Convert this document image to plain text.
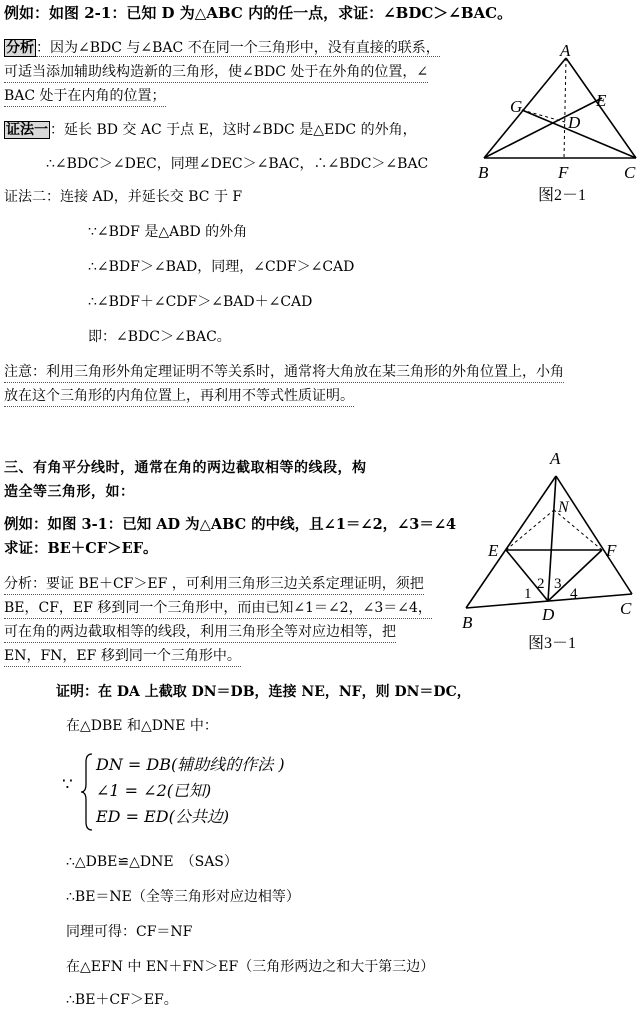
例如：如图 2-1：已知 D 为△ABC 内的任一点，求证：∠BDC＞∠BAC。
分析 ：因为∠BDC 与∠BAC 不在同一个三角形中，没有直接的联系，
可适当添加辅助线构造新的三角形，使∠BDC 处于在外角的位置，∠
BAC 处于在内角的位置；
证法一 ：延长 BD 交 AC 于点 E，这时∠BDC 是△EDC 的外角，
∴∠BDC＞∠DEC，同理∠DEC＞∠BAC，∴∠BDC＞∠BAC
证法二：连接 AD，并延长交 BC 于 F
∵∠BDF 是△ABD 的外角
∴∠BDF＞∠BAD，同理，∠CDF＞∠CAD
∴∠BDF＋∠CDF＞∠BAD＋∠CAD
即：∠BDC＞∠BAC。
注意：利用三角形外角定理证明不等关系时，通常将大角放在某三角形的外角位置上，小角
放在这个三角形的内角位置上，再利用不等式性质证明。
A
B	C
D
E
F
G
图2－1
三、有角平分线时，通常在角的两边截取相等的线段，构
造全等三角形，如：
例如：如图 3-1：已知 AD 为△ABC 的中线，且∠1＝∠2，∠3＝∠4
求证：BE＋CF＞EF。
分析：要证 BE＋CF＞EF ，可利用三角形三边关系定理证明，须把
BE，CF，EF 移到同一个三角形中，而由已知∠1＝∠2，∠3＝∠4，
可在角的两边截取相等的线段，利用三角形全等对应边相等，把
EN，FN，EF 移到同一个三角形中。
证明：在 DA 上截取 DN＝DB，连接 NE，NF，则 DN＝DC，
在△DBE 和△DNE 中：
∵
DN = DB(辅助线的作法 )
∠1 = ∠2(已知)
ED = ED(公共边)
∴△DBE≌△DNE　（SAS）
∴BE＝NE（全等三角形对应边相等）
同理可得：CF＝NF
在△EFN 中 EN＋FN＞EF（三角形两边之和大于第三边）
∴BE＋CF＞EF。
A
B
C
D
E	F
N
1
2 3
4
图3－1
